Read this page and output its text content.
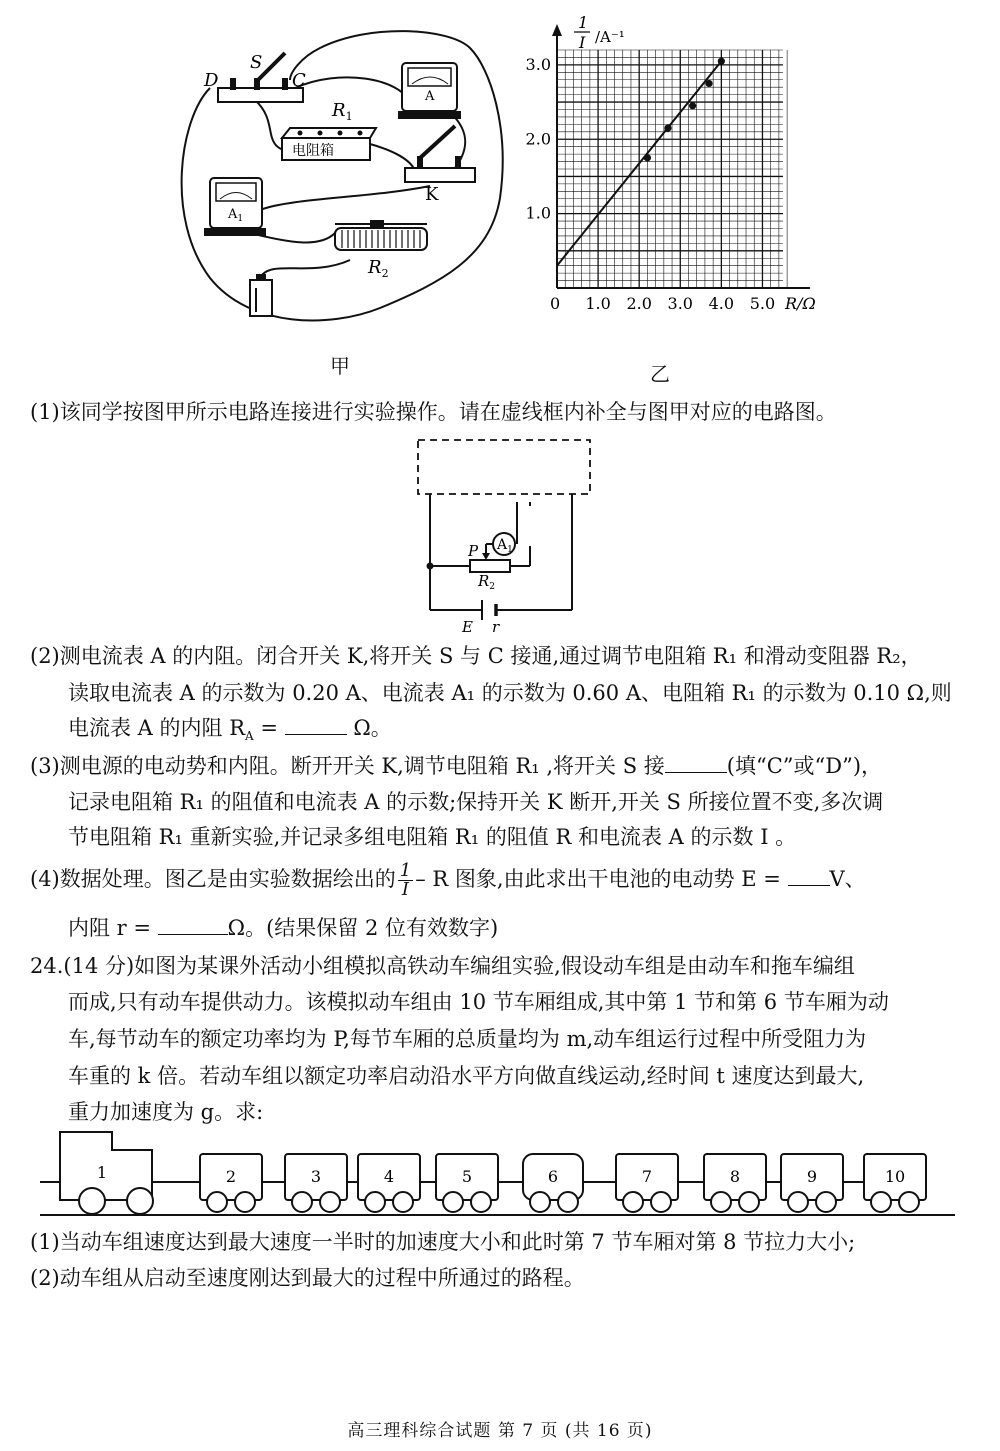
D
S
C
电阻箱
$R_1$
A
K
$A_1$
$R_2$
甲
1
I /A⁻¹
R/Ω
0 1.0 2.0 3.0 4.0 5.0
1.0
2.0
3.0
乙
(1)该同学按图甲所示电路连接进行实验操作。请在虚线框内补全与图甲对应的电路图。
$A_1$
P
$R_2$
E r
(2)测电流表 A 的内阻。闭合开关 K,将开关 S 与 C 接通,通过调节电阻箱 R₁ 和滑动变阻器 R₂，
读取电流表 A 的示数为 0.20 A、电流表 A₁ 的示数为 0.60 A、电阻箱 R₁ 的示数为 0.10 Ω,则
电流表 A 的内阻 $R_A$ =	Ω。
(3)测电源的电动势和内阻。断开开关 K,调节电阻箱 R₁ ,将开关 S 接	(填“C”或“D”)，
记录电阻箱 R₁ 的阻值和电流表 A 的示数;保持开关 K 断开,开关 S 所接位置不变,多次调
节电阻箱 R₁ 重新实验,并记录多组电阻箱 R₁ 的阻值 R 和电流表 A 的示数 I 。
(4)数据处理。图乙是由实验数据绘出的 $\frac{1}{I}$ – R 图象,由此求出干电池的电动势 E = V、
内阻 r =	Ω。(结果保留 2 位有效数字)
24.(14 分)如图为某课外活动小组模拟高铁动车编组实验,假设动车组是由动车和拖车编组
而成,只有动车提供动力。该模拟动车组由 10 节车厢组成,其中第 1 节和第 6 节车厢为动
车,每节动车的额定功率均为 P,每节车厢的总质量均为 m,动车组运行过程中所受阻力为
车重的 k 倍。若动车组以额定功率启动沿水平方向做直线运动,经时间 t 速度达到最大,
重力加速度为 g。求:
1	2	3	4	5	6	7	8	9	10
(1)当动车组速度达到最大速度一半时的加速度大小和此时第 7 节车厢对第 8 节拉力大小;
(2)动车组从启动至速度刚达到最大的过程中所通过的路程。
高三理科综合试题 第 7 页 (共 16 页)
